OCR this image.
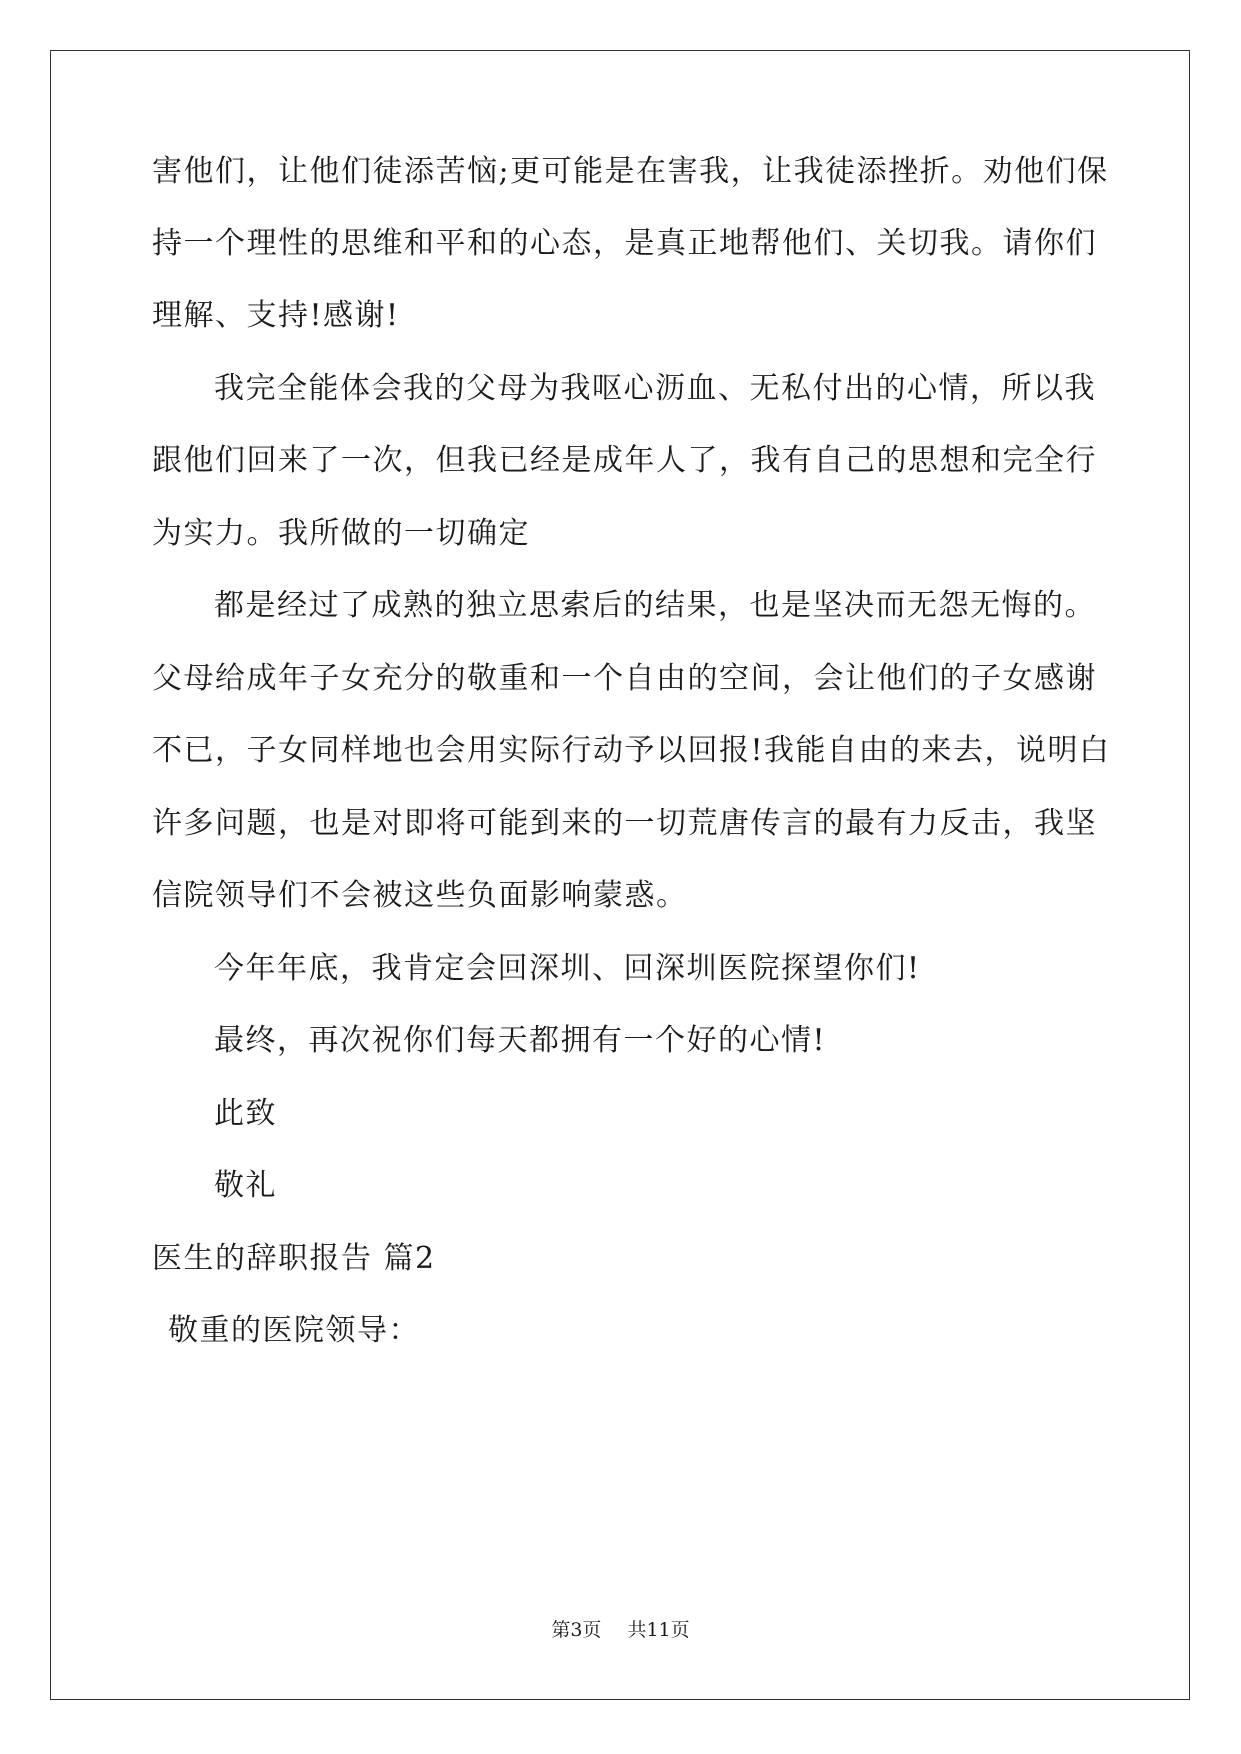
害他们，让他们徒添苦恼;更可能是在害我，让我徒添挫折。劝他们保
持一个理性的思维和平和的心态，是真正地帮他们、关切我。请你们
理解、支持!感谢!
我完全能体会我的父母为我呕心沥血、无私付出的心情，所以我
跟他们回来了一次，但我已经是成年人了，我有自己的思想和完全行
为实力。我所做的一切确定
都是经过了成熟的独立思索后的结果，也是坚决而无怨无悔的。
父母给成年子女充分的敬重和一个自由的空间，会让他们的子女感谢
不已，子女同样地也会用实际行动予以回报!我能自由的来去，说明白
许多问题，也是对即将可能到来的一切荒唐传言的最有力反击，我坚
信院领导们不会被这些负面影响蒙惑。
今年年底，我肯定会回深圳、回深圳医院探望你们!
最终，再次祝你们每天都拥有一个好的心情!
此致
敬礼
医生的辞职报告 篇2
敬重的医院领导：
第3页 共11页
